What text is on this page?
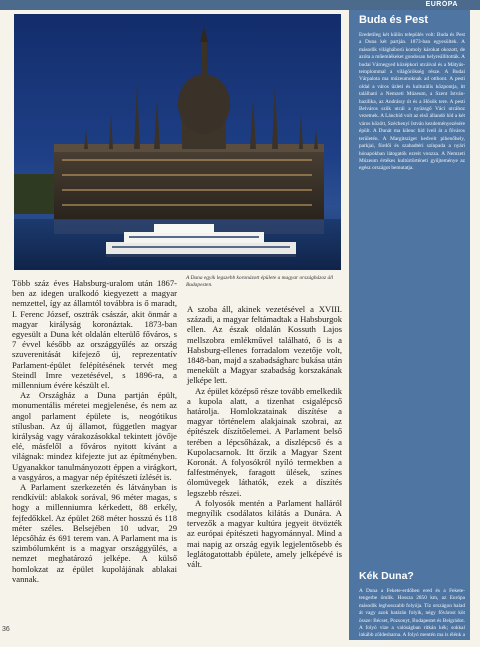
EURÓPA
A Duna egyik legszebb koronázott épülete a magyar országházoz áll Budapesten.
Buda és Pest
Eredetileg két külön település volt: Buda és Pest a Duna két partján. 1873-ban egyesültek. A második világháború komoly károkat okozott, de azóta a műemlékeket gondosan helyreállították. A budai Várnegyed középkori utcáival és a Mátyás-templommal a világörökség része. A Budai Várpalota ma múzeumoknak ad otthont. A pesti oldal a város üzleti és kulturális központja, itt található a Nemzeti Múzeum, a Szent István-bazilika, az Andrássy út és a Hősök tere. A pesti Belváros szűk utcái a nyüzsgő Váci utcához vezetnek. A Lánchíd volt az első állandó híd a két város között, Széchenyi István kezdeményezésére épült. A Dunát ma kilenc híd íveli át a főváros területén. A Margitsziget kedvelt pihenőhely, parkjai, fürdői és szabadtéri színpada a nyári hónapokban látogatók ezreit vonzza. A Nemzeti Múzeum értékes kultúrtörténeti gyűjteménye az egész országot bemutatja.
Kék Duna?
A Duna a Fekete-erdőben ered és a Fekete-tengerbe ömlik. Hossza 2850 km, az Európa második leghosszabb folyója. Tíz országon halad át vagy azok határán folyik, négy fővárost köt össze: Bécset, Pozsonyt, Budapestet és Belgrádot. A folyó vize a valóságban ritkán kék; sokkal inkább zöldesbarna. A folyó mentén ma is élénk a hajóforgalom.

Több száz éves Habsburg-uralom után 1867-ben az idegen uralkodó kiegyezett a magyar nemzettel, így az államtól továbbra is ő maradt, I. Ferenc József, osztrák császár, akit önmár a magyar királyság koronáztak. 1873-ban egyesült a Duna két oldalán elterülő főváros, s 7 évvel később az országgyűlés az ország szuverenitását kifejező új, reprezentatív Parlament-épület felépítésének tervét meg Steindl Imre vezetésével, s 1896-ra, a millennium évére készült el.

Az Országház a Duna partján épült, monumentális méretei megjelenése, és nem az angol parlament épülete is, neogótikus stílusban. Az új államot, független magyar királyság vagy várakozásokkal tekintett jövője elé, másfelől a főváros nyitott kívánt a világnak: mindez kifejezte jut az építményben. Ugyanakkor tanulmányozott éppen a virágkort, a vasgyáros, a magyar nép építészeti ízlését is.

A Parlament szerkezetén és látványban is rendkívül: ablakok sorával, 96 méter magas, s hogy a millenniumra kérkedett, 88 erkély, fejfedőkkel. Az épület 268 méter hosszú és 118 méter széles. Belsejében 10 udvar, 29 lépcsőház és 691 terem van. A Parlament ma is szimbólumként is a magyar országgyűlés, a nemzet meghatározó jelképe. A külső homlokzat az épület kupolájának ablakai vannak.

A szoba áll, akinek vezetésével a XVIII. századi, a magyar feltámadtak a Habsburgok ellen. Az észak oldalán Kossuth Lajos mellszobra emlékművel található, ő is a Habsburg-ellenes forradalom vezetője volt, 1848-ban, majd a szabadságharc bukása után menekült a Magyar szabadság korszakának jelképe lett.

Az épület középső része tovább emelkedik a kupola alatt, a tizenhat csigalépcső határolja. Homlokzatainak díszítése a magyar történelem alakjainak szobrai, az építészek díszítőelemei. A Parlament belső terében a lépcsőházak, a díszlépcső és a Kupolacsarnok. Itt őrzik a Magyar Szent Koronát. A folyosókról nyíló termekben a falfestmények, faragott ülések, színes ólomüvegek láthatók, ezek a díszítés legszebb részei.

A folyosók mentén a Parlament halláról megnyílik csodálatos kilátás a Dunára. A tervezők a magyar kultúra jegyeit ötvözték az európai építészeti hagyománnyal. Mind a mai napig az ország egyik legjelentősebb és leglátogatottabb épülete, amely jelképévé is vált.

36
